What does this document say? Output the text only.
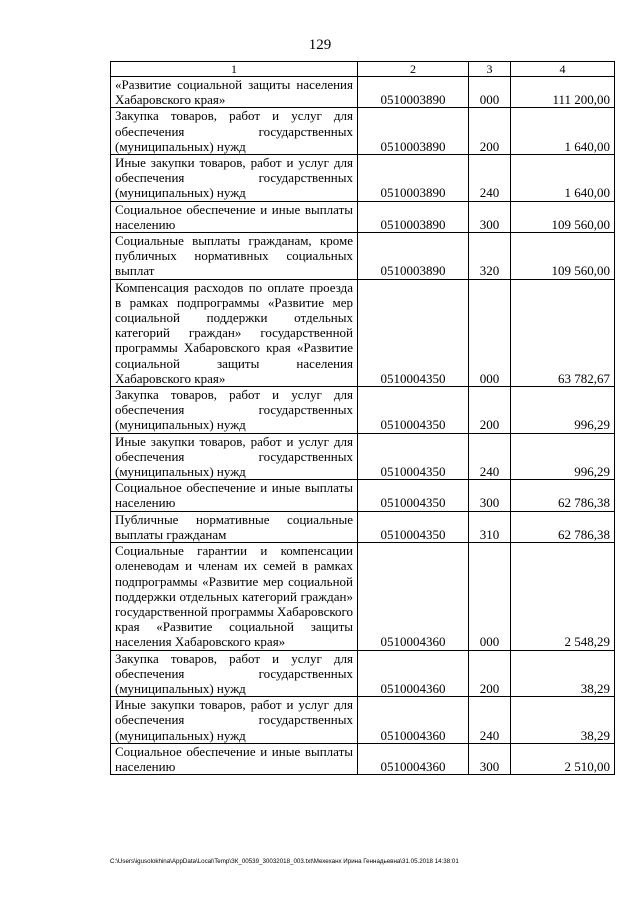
129
1	2	3	4
«Развитие социальной защиты населения Хабаровского края»	0510003890	000	111 200,00
Закупка товаров, работ и услуг для обеспечения государственных (муниципальных) нужд	0510003890	200	1 640,00
Иные закупки товаров, работ и услуг для обеспечения государственных (муниципальных) нужд	0510003890	240	1 640,00
Социальное обеспечение и иные выплаты населению	0510003890	300	109 560,00
Социальные выплаты гражданам, кроме публичных нормативных социальных выплат	0510003890	320	109 560,00
Компенсация расходов по оплате проезда в рамках подпрограммы «Развитие мер социальной поддержки отдельных категорий граждан» государственной программы Хабаровского края «Развитие социальной защиты населения Хабаровского края»	0510004350	000	63 782,67
Закупка товаров, работ и услуг для обеспечения государственных (муниципальных) нужд	0510004350	200	996,29
Иные закупки товаров, работ и услуг для обеспечения государственных (муниципальных) нужд	0510004350	240	996,29
Социальное обеспечение и иные выплаты населению	0510004350	300	62 786,38
Публичные нормативные социальные выплаты гражданам	0510004350	310	62 786,38
Социальные гарантии и компенсации оленеводам и членам их семей в рамках подпрограммы «Развитие мер социальной поддержки отдельных категорий граждан» государственной программы Хабаровского края «Развитие социальной защиты населения Хабаровского края»	0510004360	000	2 548,29
Закупка товаров, работ и услуг для обеспечения государственных (муниципальных) нужд	0510004360	200	38,29
Иные закупки товаров, работ и услуг для обеспечения государственных (муниципальных) нужд	0510004360	240	38,29
Социальное обеспечение и иные выплаты населению	0510004360	300	2 510,00
C:\Users\igusolokhina\AppData\Local\Temp\ЗК_00539_30032018_003.txt\Мехеханх Ирина Геннадьевна\31.05.2018 14:38:01
